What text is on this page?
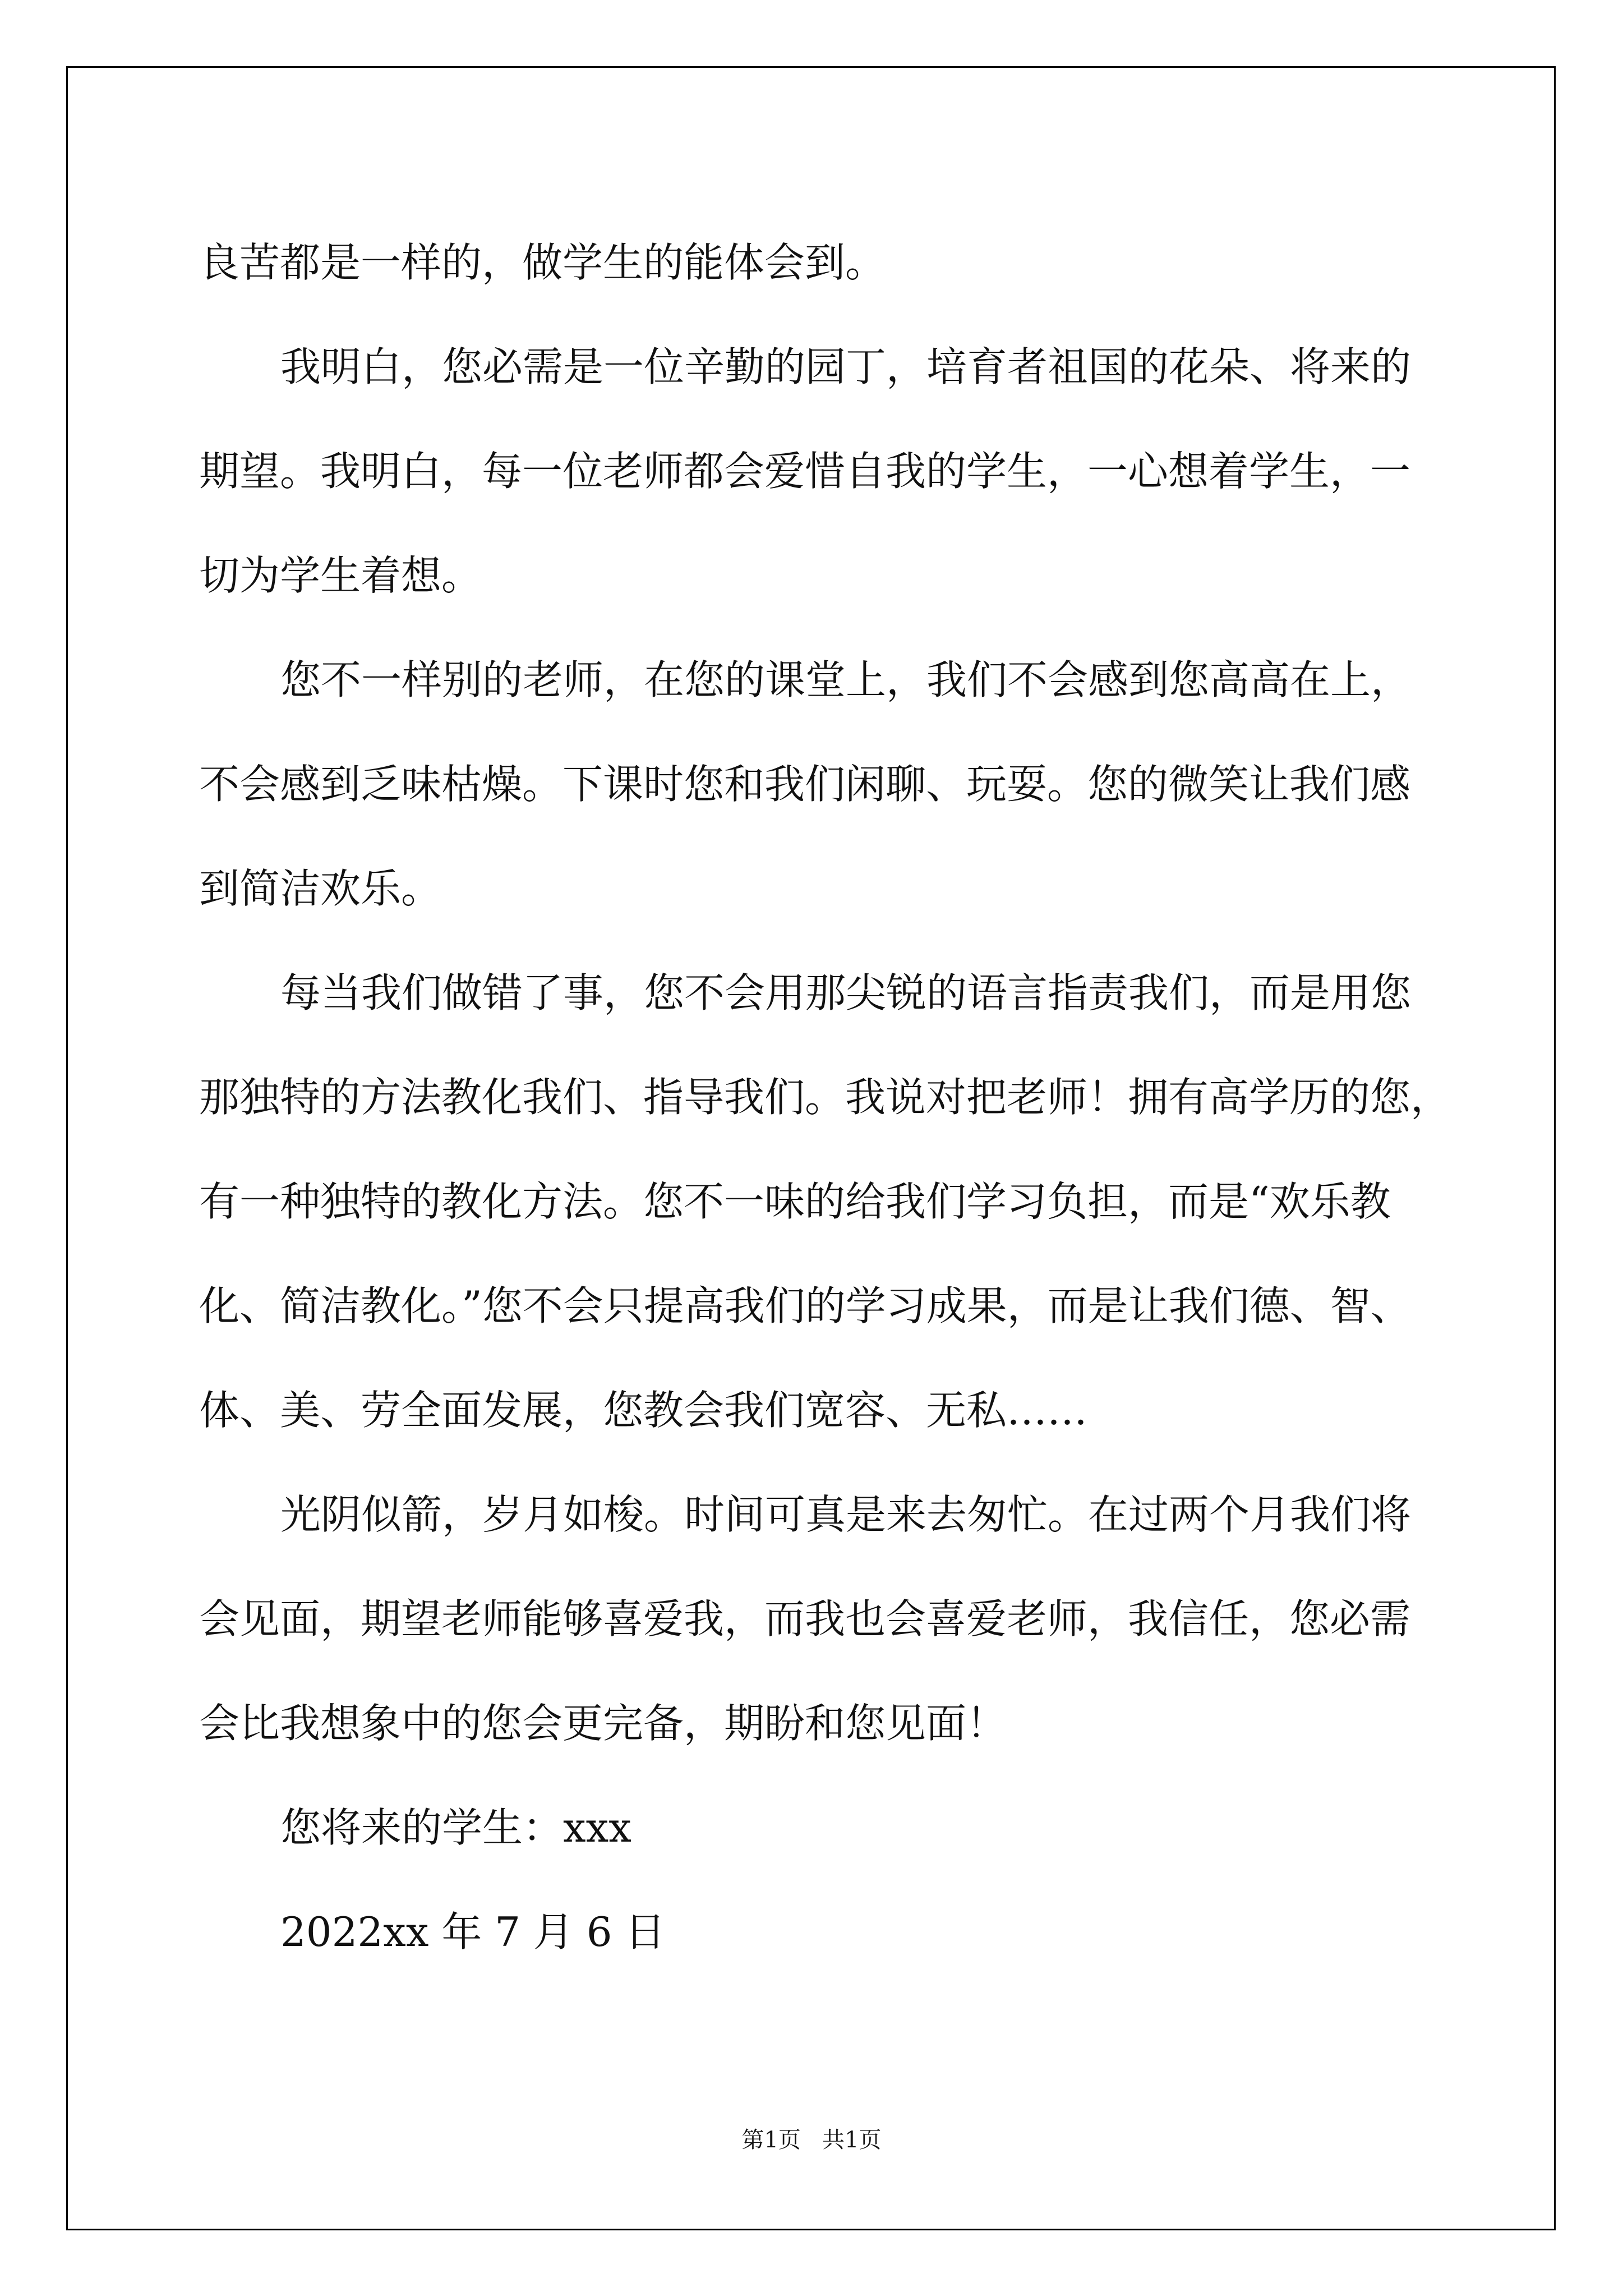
良苦都是一样的，做学生的能体会到。

我明白，您必需是一位辛勤的园丁，培育者祖国的花朵、将来的
期望。我明白，每一位老师都会爱惜自我的学生，一心想着学生，一
切为学生着想。

您不一样别的老师，在您的课堂上，我们不会感到您高高在上，
不会感到乏味枯燥。下课时您和我们闲聊、玩耍。您的微笑让我们感
到简洁欢乐。

每当我们做错了事，您不会用那尖锐的语言指责我们，而是用您
那独特的方法教化我们、指导我们。我说对把老师！拥有高学历的您，
有一种独特的教化方法。您不一味的给我们学习负担，而是“欢乐教
化、简洁教化。”您不会只提高我们的学习成果，而是让我们德、智、
体、美、劳全面发展，您教会我们宽容、无私……

光阴似箭，岁月如梭。时间可真是来去匆忙。在过两个月我们将
会见面，期望老师能够喜爱我，而我也会喜爱老师，我信任，您必需
会比我想象中的您会更完备，期盼和您见面！

您将来的学生：xxx

2022xx 年 7 月 6 日

第1页   共1页
